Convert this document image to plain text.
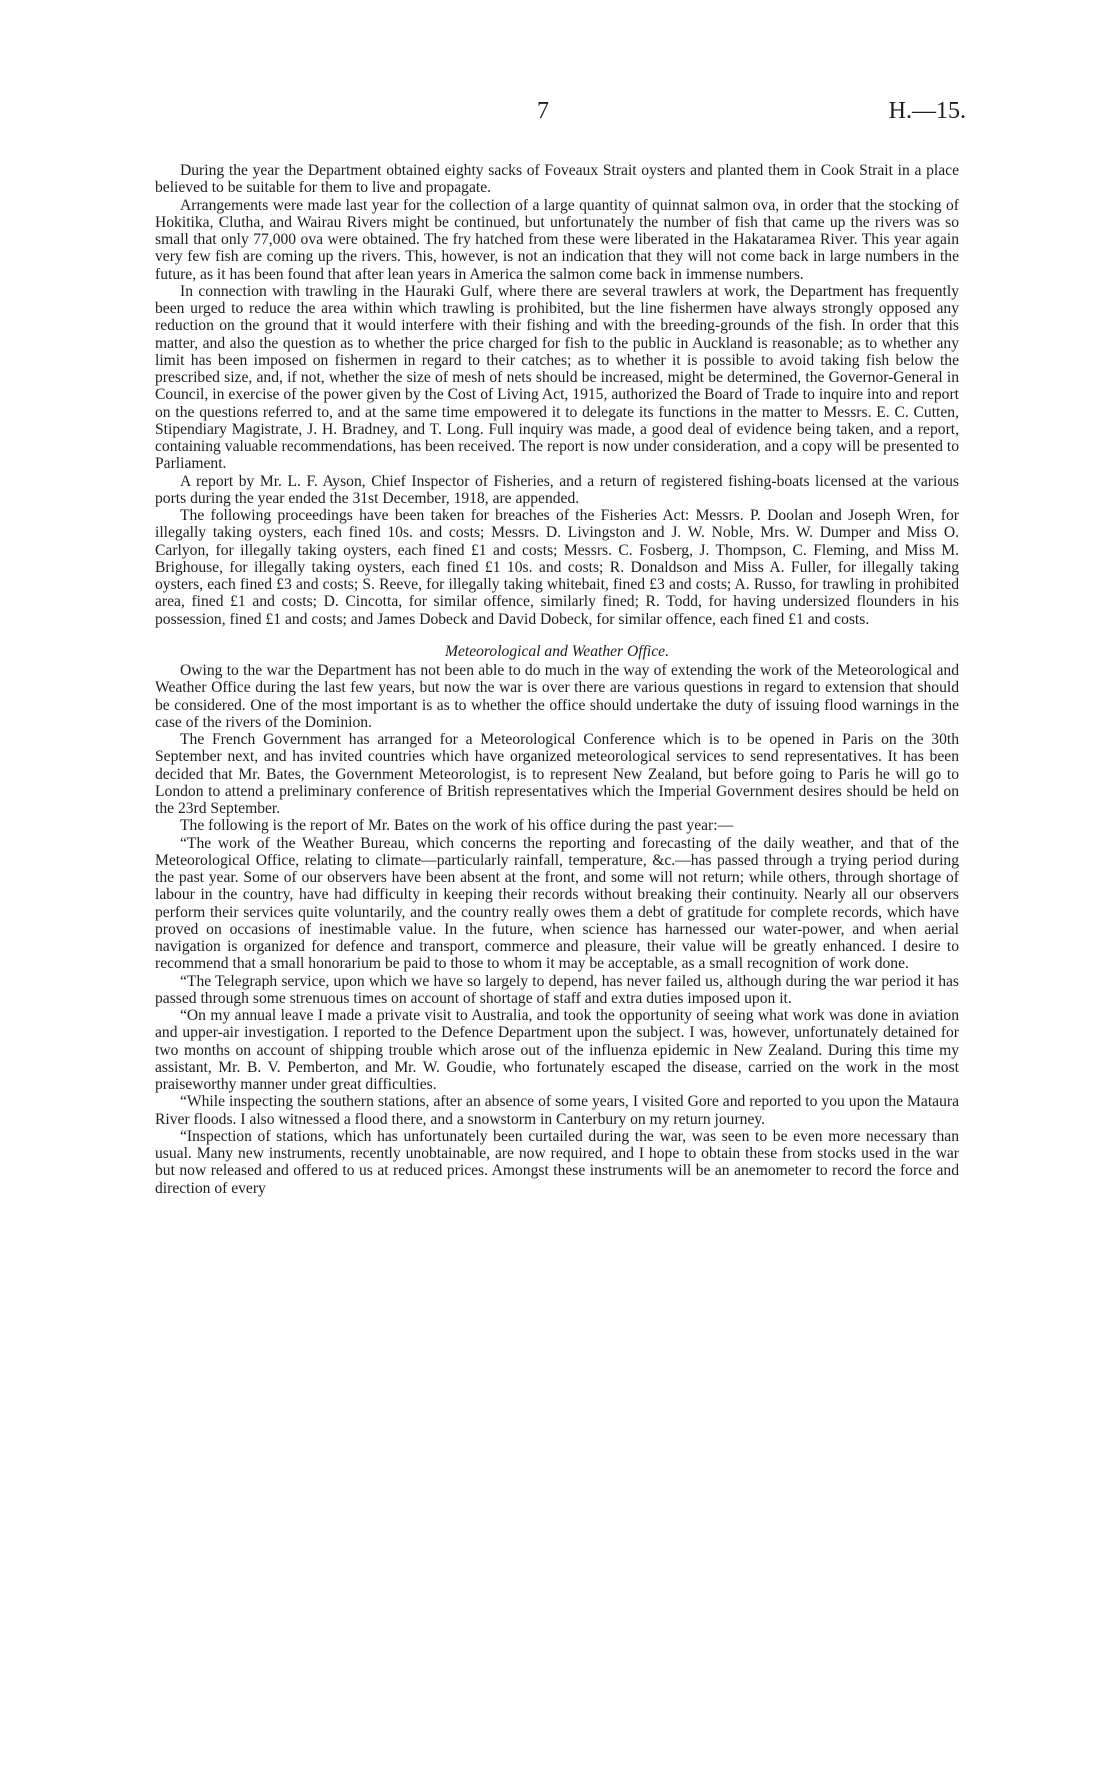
7	H.—15.

During the year the Department obtained eighty sacks of Foveaux Strait oysters and planted them in Cook Strait in a place believed to be suitable for them to live and propagate.

Arrangements were made last year for the collection of a large quantity of quinnat salmon ova, in order that the stocking of Hokitika, Clutha, and Wairau Rivers might be continued, but unfortunately the number of fish that came up the rivers was so small that only 77,000 ova were obtained. The fry hatched from these were liberated in the Hakataramea River. This year again very few fish are coming up the rivers. This, however, is not an indication that they will not come back in large numbers in the future, as it has been found that after lean years in America the salmon come back in immense numbers.

In connection with trawling in the Hauraki Gulf, where there are several trawlers at work, the Department has frequently been urged to reduce the area within which trawling is prohibited, but the line fishermen have always strongly opposed any reduction on the ground that it would interfere with their fishing and with the breeding-grounds of the fish. In order that this matter, and also the question as to whether the price charged for fish to the public in Auckland is reasonable; as to whether any limit has been imposed on fishermen in regard to their catches; as to whether it is possible to avoid taking fish below the prescribed size, and, if not, whether the size of mesh of nets should be increased, might be determined, the Governor-General in Council, in exercise of the power given by the Cost of Living Act, 1915, authorized the Board of Trade to inquire into and report on the questions referred to, and at the same time empowered it to delegate its functions in the matter to Messrs. E. C. Cutten, Stipendiary Magistrate, J. H. Bradney, and T. Long. Full inquiry was made, a good deal of evidence being taken, and a report, containing valuable recommendations, has been received. The report is now under consideration, and a copy will be presented to Parliament.

A report by Mr. L. F. Ayson, Chief Inspector of Fisheries, and a return of registered fishing-boats licensed at the various ports during the year ended the 31st December, 1918, are appended.

The following proceedings have been taken for breaches of the Fisheries Act: Messrs. P. Doolan and Joseph Wren, for illegally taking oysters, each fined 10s. and costs; Messrs. D. Livingston and J. W. Noble, Mrs. W. Dumper and Miss O. Carlyon, for illegally taking oysters, each fined £1 and costs; Messrs. C. Fosberg, J. Thompson, C. Fleming, and Miss M. Brighouse, for illegally taking oysters, each fined £1 10s. and costs; R. Donaldson and Miss A. Fuller, for illegally taking oysters, each fined £3 and costs; S. Reeve, for illegally taking whitebait, fined £3 and costs; A. Russo, for trawling in prohibited area, fined £1 and costs; D. Cincotta, for similar offence, similarly fined; R. Todd, for having undersized flounders in his possession, fined £1 and costs; and James Dobeck and David Dobeck, for similar offence, each fined £1 and costs.

Meteorological and Weather Office.

Owing to the war the Department has not been able to do much in the way of extending the work of the Meteorological and Weather Office during the last few years, but now the war is over there are various questions in regard to extension that should be considered. One of the most important is as to whether the office should undertake the duty of issuing flood warnings in the case of the rivers of the Dominion.

The French Government has arranged for a Meteorological Conference which is to be opened in Paris on the 30th September next, and has invited countries which have organized meteorological services to send representatives. It has been decided that Mr. Bates, the Government Meteorologist, is to represent New Zealand, but before going to Paris he will go to London to attend a preliminary conference of British representatives which the Imperial Government desires should be held on the 23rd September.

The following is the report of Mr. Bates on the work of his office during the past year:—

“The work of the Weather Bureau, which concerns the reporting and forecasting of the daily weather, and that of the Meteorological Office, relating to climate—particularly rainfall, temperature, &c.—has passed through a trying period during the past year. Some of our observers have been absent at the front, and some will not return; while others, through shortage of labour in the country, have had difficulty in keeping their records without breaking their continuity. Nearly all our observers perform their services quite voluntarily, and the country really owes them a debt of gratitude for complete records, which have proved on occasions of inestimable value. In the future, when science has harnessed our water-power, and when aerial navigation is organized for defence and transport, commerce and pleasure, their value will be greatly enhanced. I desire to recommend that a small honorarium be paid to those to whom it may be acceptable, as a small recognition of work done.

“The Telegraph service, upon which we have so largely to depend, has never failed us, although during the war period it has passed through some strenuous times on account of shortage of staff and extra duties imposed upon it.

“On my annual leave I made a private visit to Australia, and took the opportunity of seeing what work was done in aviation and upper-air investigation. I reported to the Defence Department upon the subject. I was, however, unfortunately detained for two months on account of shipping trouble which arose out of the influenza epidemic in New Zealand. During this time my assistant, Mr. B. V. Pemberton, and Mr. W. Goudie, who fortunately escaped the disease, carried on the work in the most praiseworthy manner under great difficulties.

“While inspecting the southern stations, after an absence of some years, I visited Gore and reported to you upon the Mataura River floods. I also witnessed a flood there, and a snowstorm in Canterbury on my return journey.

“Inspection of stations, which has unfortunately been curtailed during the war, was seen to be even more necessary than usual. Many new instruments, recently unobtainable, are now required, and I hope to obtain these from stocks used in the war but now released and offered to us at reduced prices. Amongst these instruments will be an anemometer to record the force and direction of every
